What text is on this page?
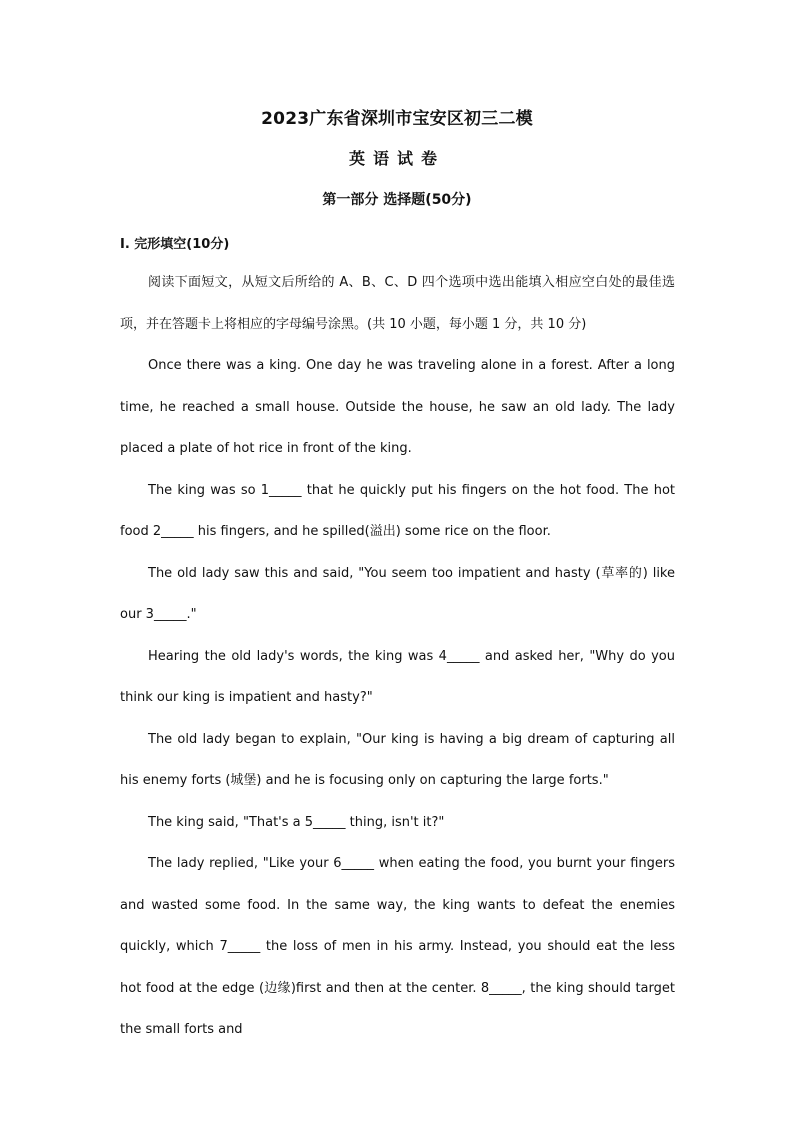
2023广东省深圳市宝安区初三二模
英语试卷
第一部分 选择题(50分)
I. 完形填空(10分)

阅读下面短文，从短文后所给的 A、B、C、D 四个选项中选出能填入相应空白处的最佳选项，并在答题卡上将相应的字母编号涂黑。(共 10 小题，每小题 1 分，共 10 分)

Once there was a king. One day he was traveling alone in a forest. After a long time, he reached a small house. Outside the house, he saw an old lady. The lady placed a plate of hot rice in front of the king.

The king was so 1_____ that he quickly put his fingers on the hot food. The hot food 2_____ his fingers, and he spilled(溢出) some rice on the floor.

The old lady saw this and said, "You seem too impatient and hasty (草率的) like our 3_____."

Hearing the old lady's words, the king was 4_____ and asked her, "Why do you think our king is impatient and hasty?"

The old lady began to explain, "Our king is having a big dream of capturing all his enemy forts (城堡) and he is focusing only on capturing the large forts."

The king said, "That's a 5_____ thing, isn't it?"

The lady replied, "Like your 6_____ when eating the food, you burnt your fingers and wasted some food. In the same way, the king wants to defeat the enemies quickly, which 7_____ the loss of men in his army. Instead, you should eat the less hot food at the edge (边缘)first and then at the center. 8_____, the king should target the small forts and
